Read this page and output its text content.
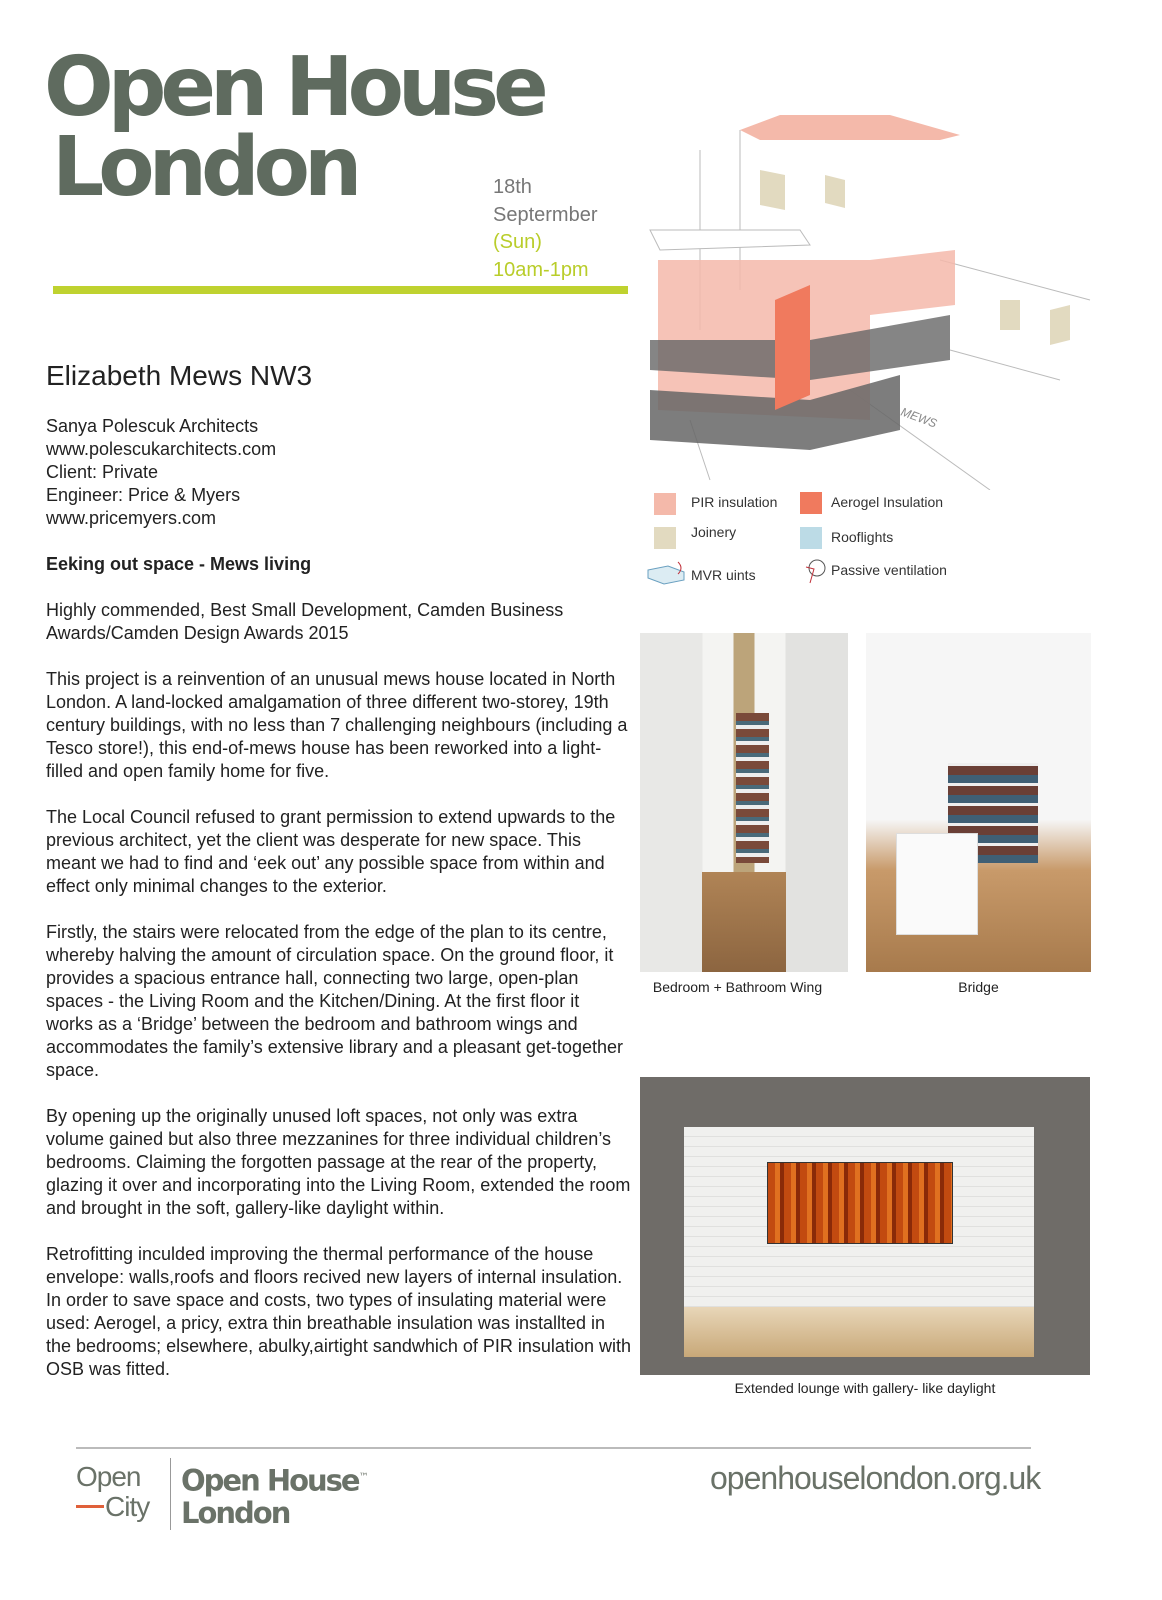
Open House
London	18th
Septermber
(Sun)
10am-1pm
Elizabeth Mews NW3
Sanya Polescuk Architects
www.polescukarchitects.com
Client: Private
Engineer: Price & Myers
www.pricemyers.com
Eeking out space - Mews living

Highly commended, Best Small Development, Camden Business Awards/Camden Design Awards 2015

This project is a reinvention of an unusual mews house located in North London. A land-locked amalgamation of three different two-storey, 19th century buildings, with no less than 7 challenging neighbours (including a Tesco store!), this end-of-mews house has been reworked into a light-filled and open family home for five.

The Local Council refused to grant permission to extend upwards to the previous architect, yet the client was desperate for new space. This meant we had to find and ‘eek out’ any possible space from within and effect only minimal changes to the exterior.

Firstly, the stairs were relocated from the edge of the plan to its centre, whereby halving the amount of circulation space. On the ground floor, it provides a spacious entrance hall, connecting two large, open-plan spaces - the Living Room and the Kitchen/Dining. At the first floor it works as a ‘Bridge’ between the bedroom and bathroom wings and accommodates the family’s extensive library and a pleasant get-together space.

By opening up the originally unused loft spaces, not only was extra volume gained but also three mezzanines for three individual children’s bedrooms. Claiming the forgotten passage at the rear of the property, glazing it over and incorporating into the Living Room, extended the room and brought in the soft, gallery-like daylight within.

Retrofitting inculded improving the thermal performance of the house envelope: walls,roofs and floors recived new layers of internal insulation. In order to save space and costs, two types of insulating material were used: Aerogel, a pricy, extra thin breathable insulation was installted in the bedrooms; elsewhere, abulky,airtight sandwhich of PIR insulation with OSB was fitted.

MEWS
PIR insulation	Aerogel Insulation
Joinery	Rooflights
MVR uints	Passive ventilation
Bedroom + Bathroom Wing	Bridge
Extended lounge with gallery- like daylight
Open
City
Open House™
London
openhouselondon.org.uk
